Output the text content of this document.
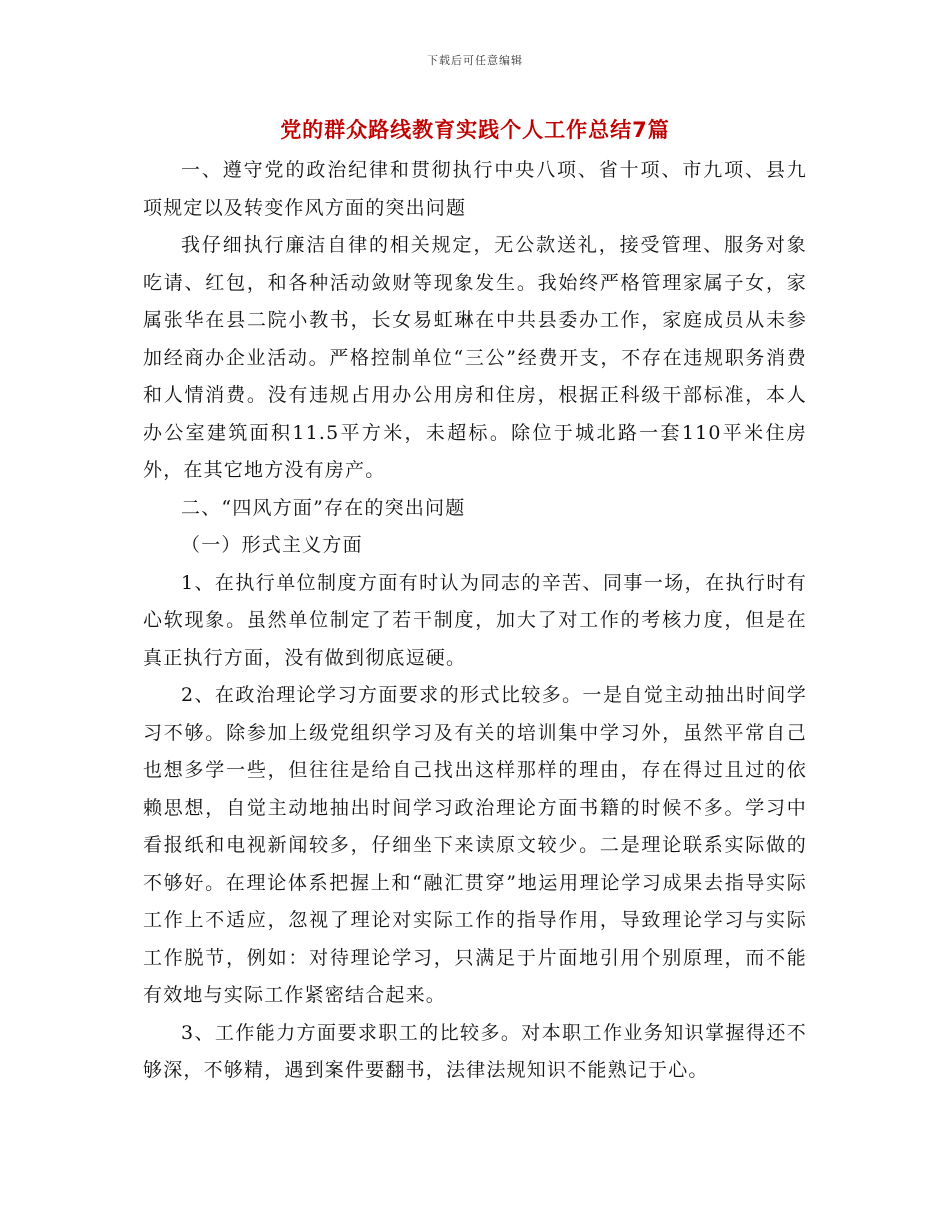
下载后可任意编辑
党的群众路线教育实践个人工作总结7篇

一、遵守党的政治纪律和贯彻执行中央八项、省十项、市九项、县九项规定以及转变作风方面的突出问题

我仔细执行廉洁自律的相关规定，无公款送礼，接受管理、服务对象吃请、红包，和各种活动敛财等现象发生。我始终严格管理家属子女，家属张华在县二院小教书，长女易虹琳在中共县委办工作，家庭成员从未参加经商办企业活动。严格控制单位“三公”经费开支，不存在违规职务消费和人情消费。没有违规占用办公用房和住房，根据正科级干部标准，本人办公室建筑面积11.5平方米，未超标。除位于城北路一套110平米住房外，在其它地方没有房产。

二、“四风方面”存在的突出问题

（一）形式主义方面

1、在执行单位制度方面有时认为同志的辛苦、同事一场，在执行时有心软现象。虽然单位制定了若干制度，加大了对工作的考核力度，但是在真正执行方面，没有做到彻底逗硬。

2、在政治理论学习方面要求的形式比较多。一是自觉主动抽出时间学习不够。除参加上级党组织学习及有关的培训集中学习外，虽然平常自己也想多学一些，但往往是给自己找出这样那样的理由，存在得过且过的依赖思想，自觉主动地抽出时间学习政治理论方面书籍的时候不多。学习中看报纸和电视新闻较多，仔细坐下来读原文较少。二是理论联系实际做的不够好。在理论体系把握上和“融汇贯穿”地运用理论学习成果去指导实际工作上不适应，忽视了理论对实际工作的指导作用，导致理论学习与实际工作脱节，例如：对待理论学习，只满足于片面地引用个别原理，而不能有效地与实际工作紧密结合起来。

3、工作能力方面要求职工的比较多。对本职工作业务知识掌握得还不够深，不够精，遇到案件要翻书，法律法规知识不能熟记于心。
